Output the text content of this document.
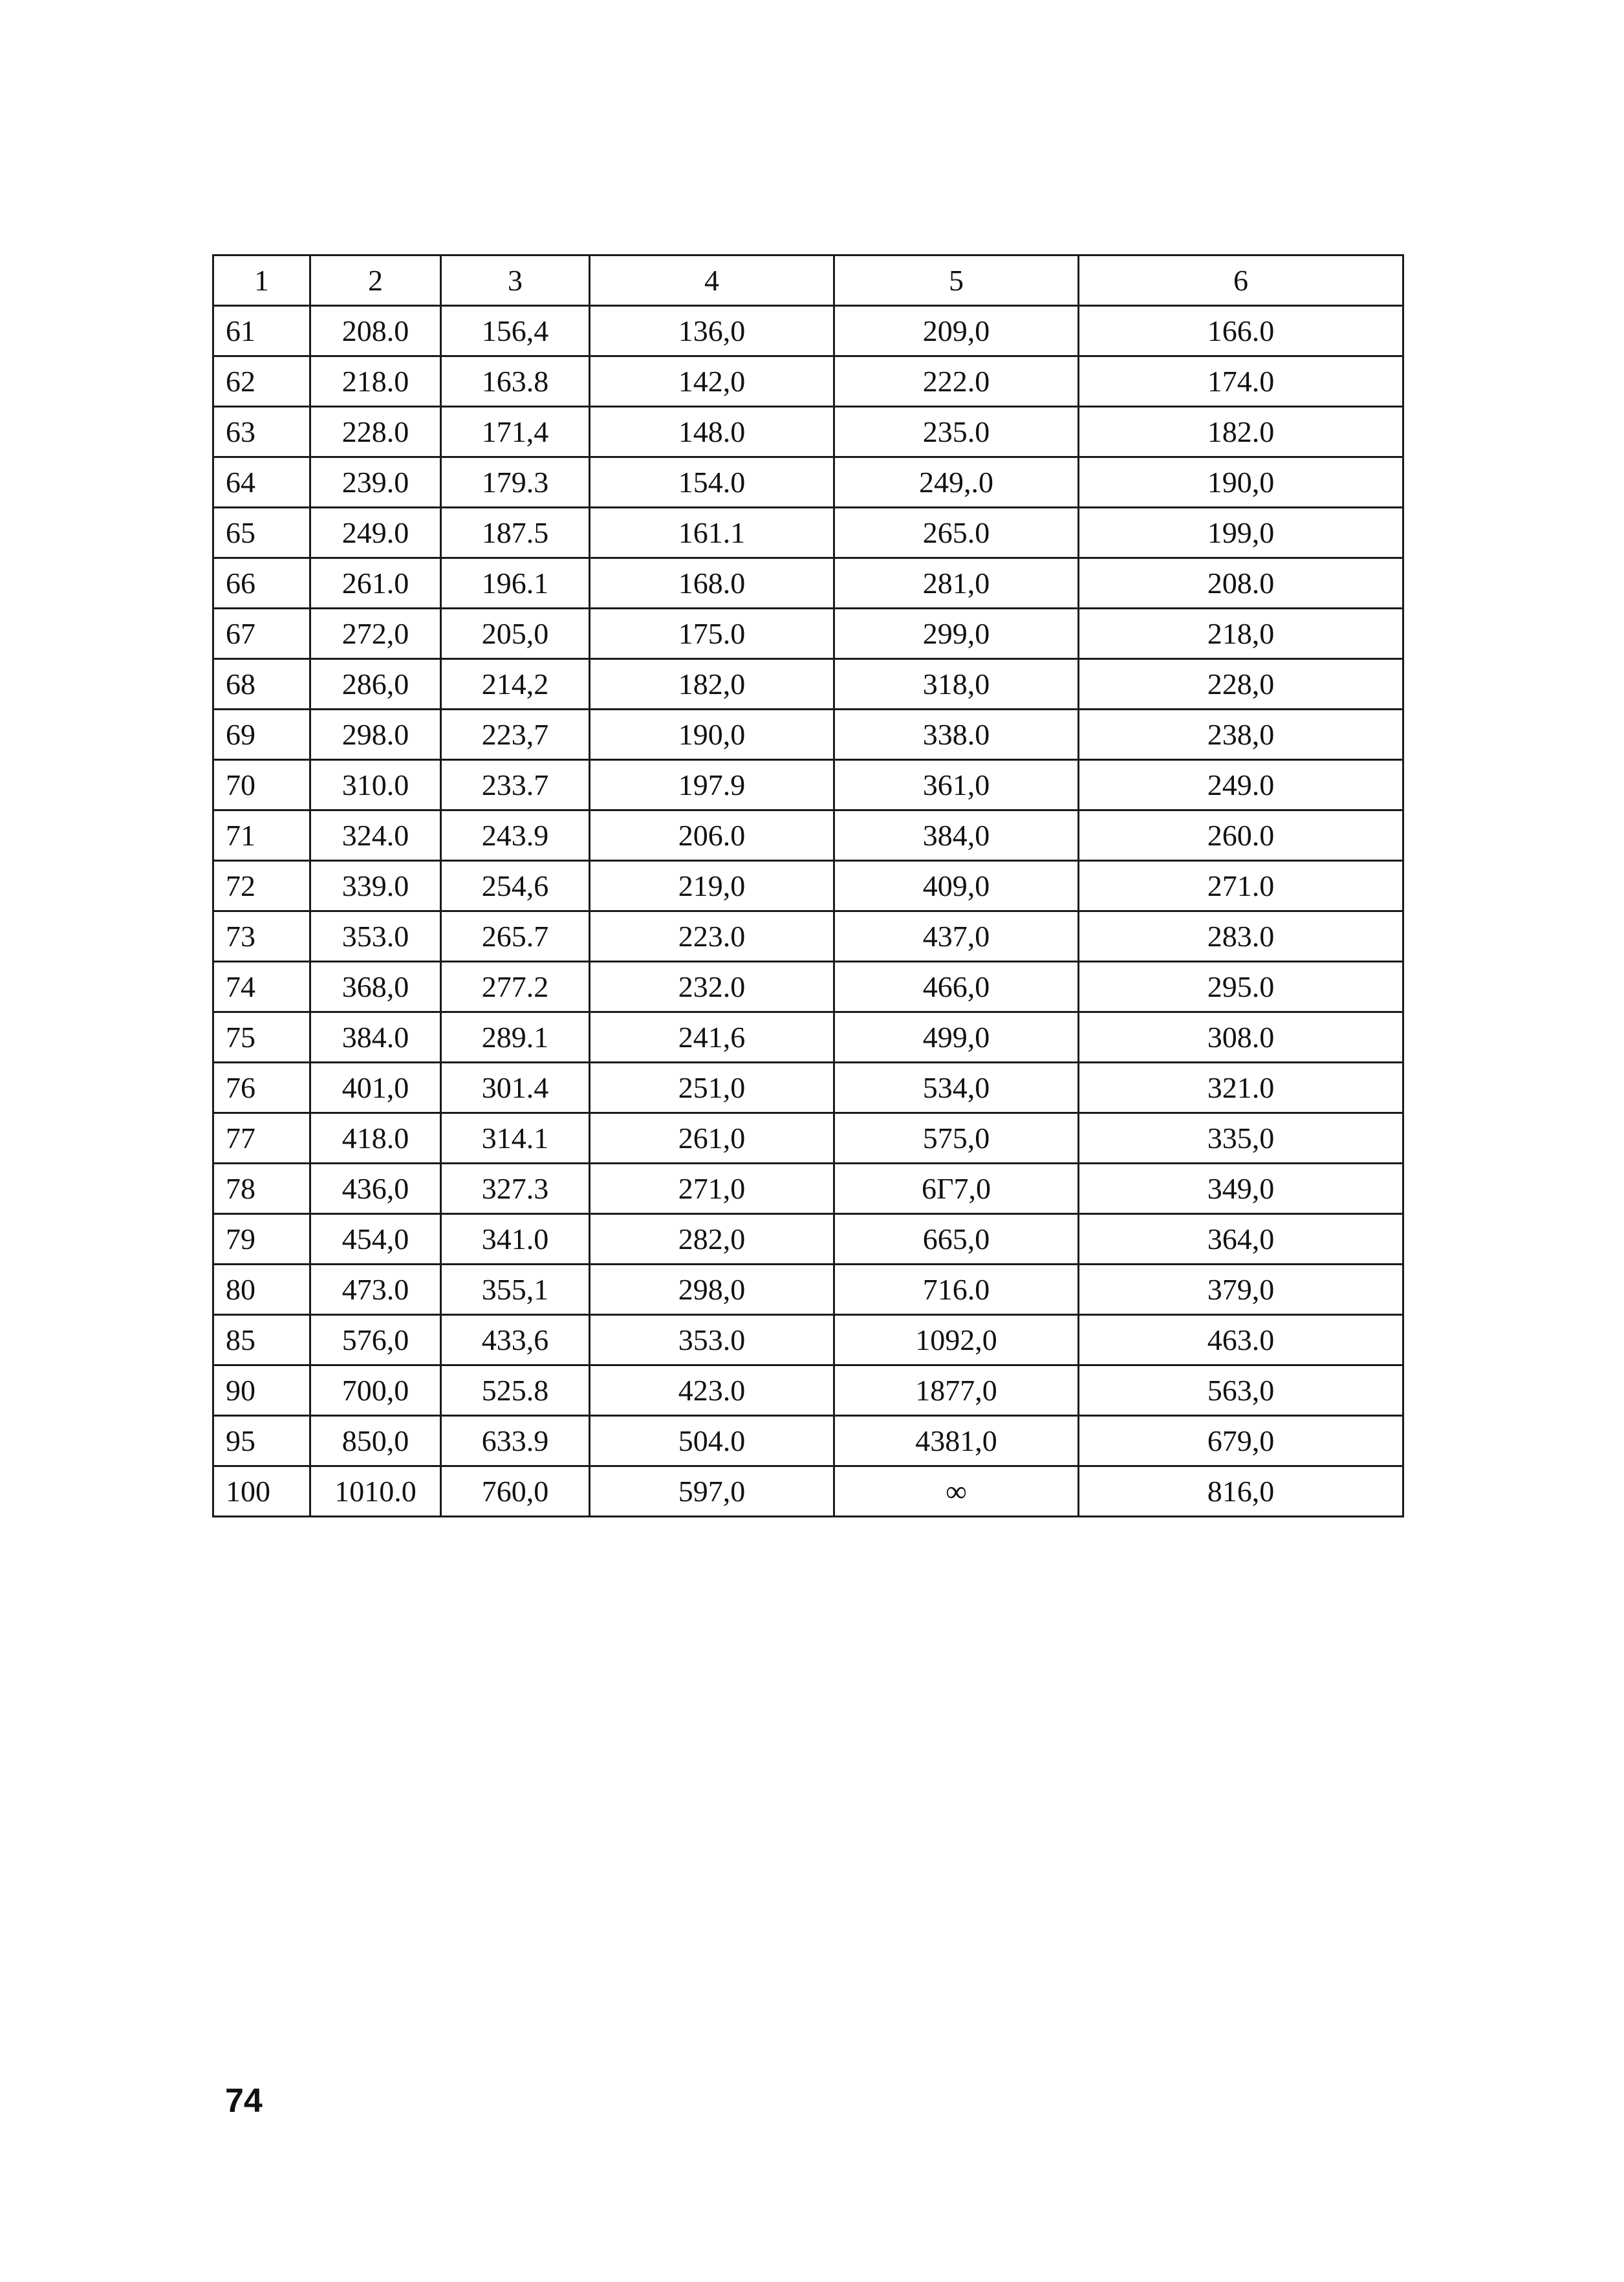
1	2	3	4	5	6
61	208.0	156,4	136,0	209,0	166.0
62	218.0	163.8	142,0	222.0	174.0
63	228.0	171,4	148.0	235.0	182.0
64	239.0	179.3	154.0	249,.0	190,0
65	249.0	187.5	161.1	265.0	199,0
66	261.0	196.1	168.0	281,0	208.0
67	272,0	205,0	175.0	299,0	218,0
68	286,0	214,2	182,0	318,0	228,0
69	298.0	223,7	190,0	338.0	238,0
70	310.0	233.7	197.9	361,0	249.0
71	324.0	243.9	206.0	384,0	260.0
72	339.0	254,6	219,0	409,0	271.0
73	353.0	265.7	223.0	437,0	283.0
74	368,0	277.2	232.0	466,0	295.0
75	384.0	289.1	241,6	499,0	308.0
76	401,0	301.4	251,0	534,0	321.0
77	418.0	314.1	261,0	575,0	335,0
78	436,0	327.3	271,0	6Г7,0	349,0
79	454,0	341.0	282,0	665,0	364,0
80	473.0	355,1	298,0	716.0	379,0
85	576,0	433,6	353.0	1092,0	463.0
90	700,0	525.8	423.0	1877,0	563,0
95	850,0	633.9	504.0	4381,0	679,0
100	1010.0	760,0	597,0	∞	816,0
74
